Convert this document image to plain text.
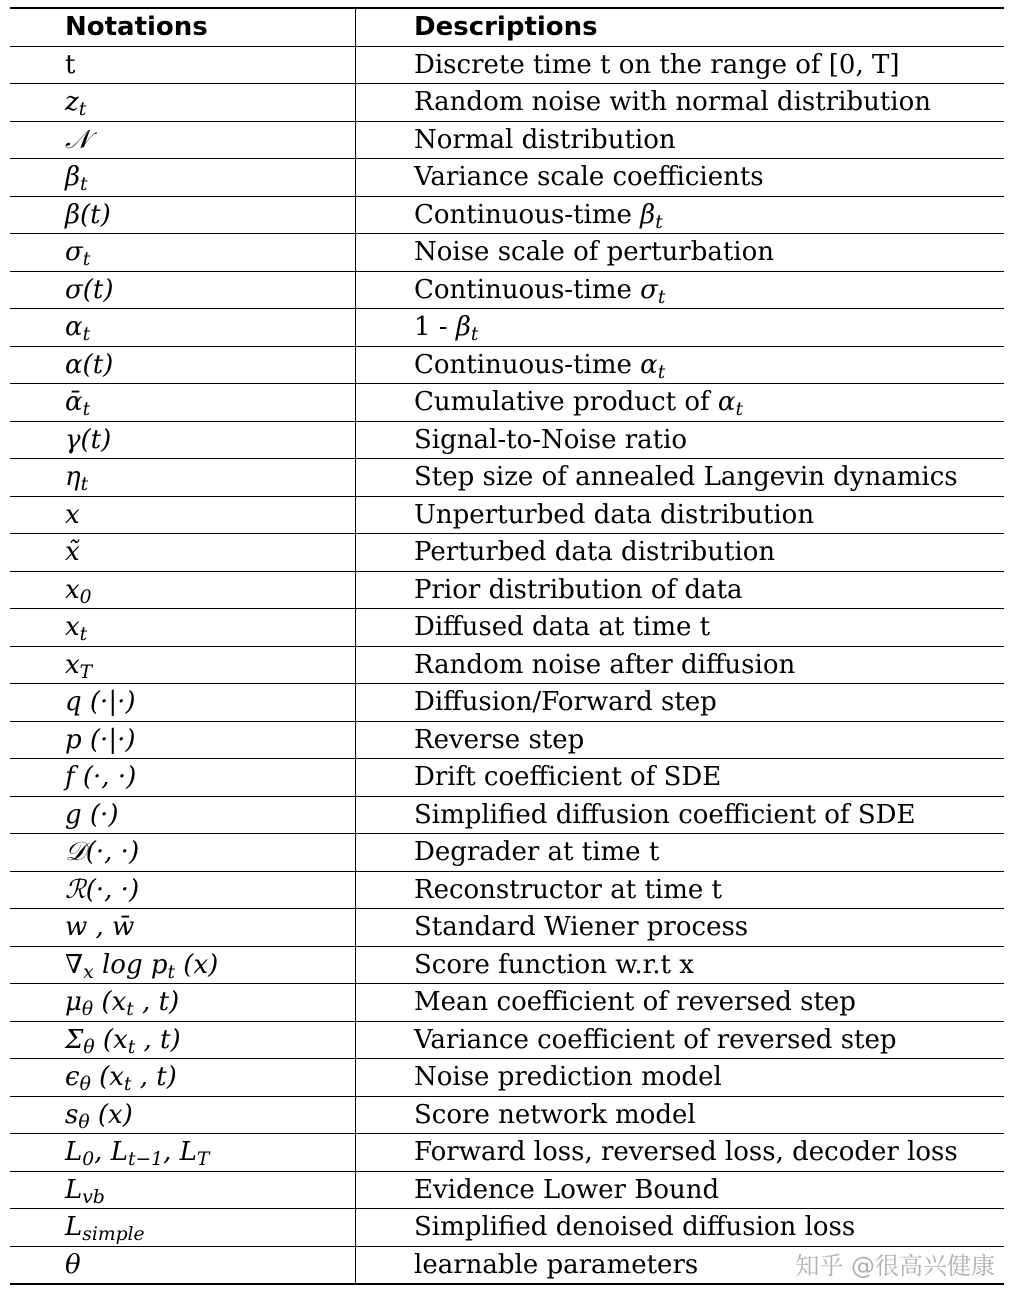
Notations	Descriptions
t	Discrete time t on the range of [0, T]
$z_t$	Random noise with normal distribution
𝒩	Normal distribution
$\beta_t$	Variance scale coefficients
β(t)	Continuous-time $\beta_t$
$\sigma_t$	Noise scale of perturbation
σ(t)	Continuous-time $\sigma_t$
$\alpha_t$	$1 - \beta_t$
α(t)	Continuous-time $\alpha_t$
ᾱ$_t$	Cumulative product of $\alpha_t$
γ(t)	Signal-to-Noise ratio
$\eta_t$	Step size of annealed Langevin dynamics
x	Unperturbed data distribution
x̃	Perturbed data distribution
$x_0$	Prior distribution of data
$x_t$	Diffused data at time t
$x_T$	Random noise after diffusion
q (·|·)	Diffusion/Forward step
p (·|·)	Reverse step
f (·, ·)	Drift coefficient of SDE
g (·)	Simplified diffusion coefficient of SDE
𝒟(·, ·)	Degrader at time t
ℛ(·, ·)	Reconstructor at time t
w , w̄	Standard Wiener process
$\nabla_x$ $\log p_t$ (x)	Score function w.r.t x
$\mu_\theta$ ($x_t$ , t)	Mean coefficient of reversed step
$\Sigma_\theta$ ($x_t$ , t)	Variance coefficient of reversed step
$\epsilon_\theta$ ($x_t$ , t)	Noise prediction model
$s_\theta$ (x)	Score network model
$L_0$, $L_{t-1}$, $L_T$	Forward loss, reversed loss, decoder loss
$L_{vb}$	Evidence Lower Bound
$L_{simple}$	Simplified denoised diffusion loss
θ	learnable parameters	知乎 @很高兴健康
